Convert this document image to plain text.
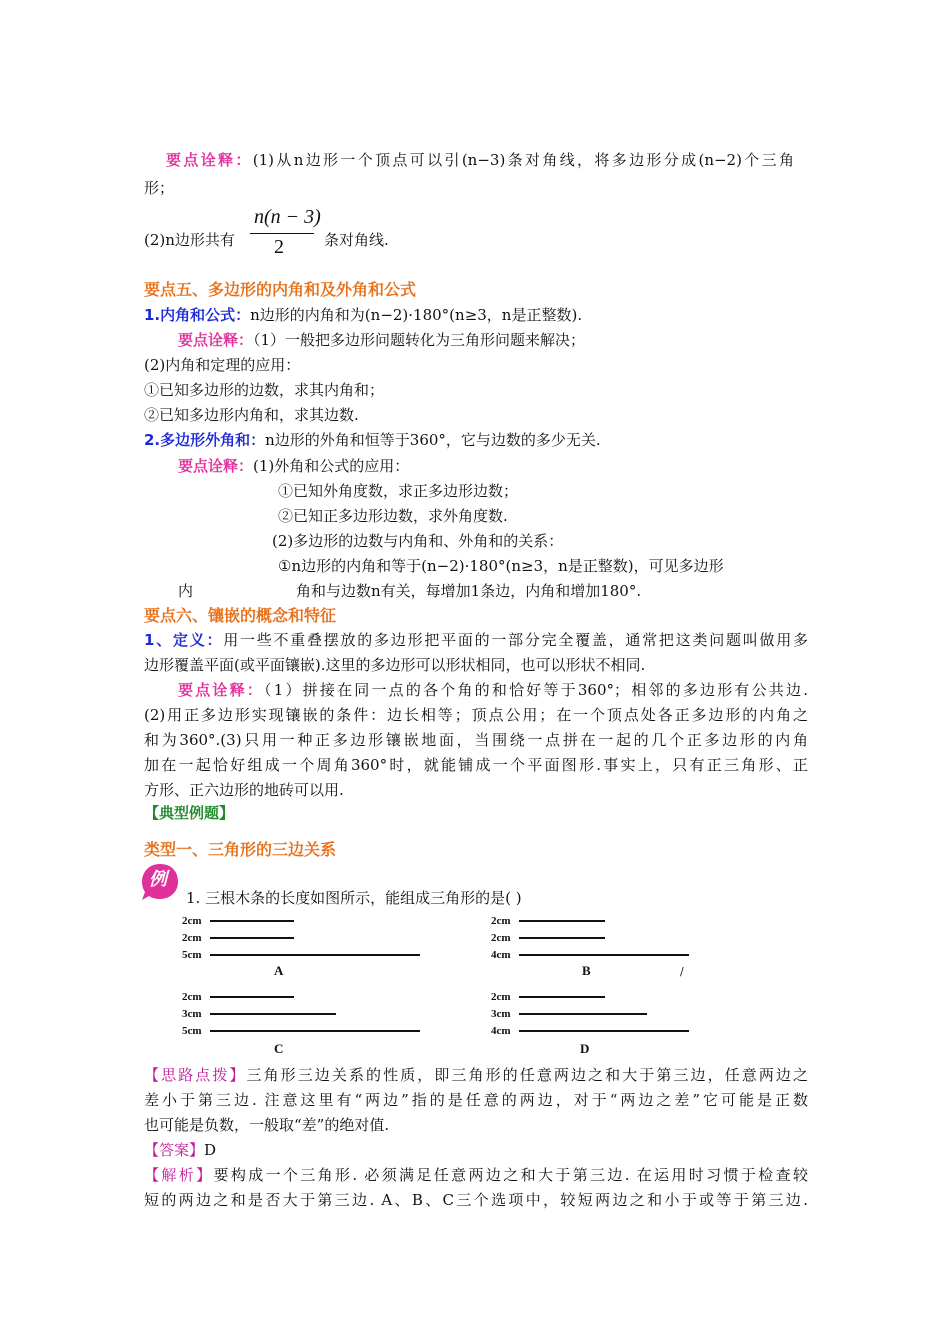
要点诠释：(1)从n边形一个顶点可以引(n−3)条对角线，将多边形分成(n−2)个三角
形；
(2)n边形共有
n(n − 3)
2	条对角线.
要点五、多边形的内角和及外角和公式
1.内角和公式：n边形的内角和为(n−2)·180°(n≥3，n是正整数).
要点诠释：（1）一般把多边形问题转化为三角形问题来解决；
(2)内角和定理的应用：
①已知多边形的边数，求其内角和；
②已知多边形内角和，求其边数.
2.多边形外角和：n边形的外角和恒等于360°，它与边数的多少无关.
要点诠释：(1)外角和公式的应用：
①已知外角度数，求正多边形边数；
②已知正多边形边数，求外角度数.
(2)多边形的边数与内角和、外角和的关系：
①n边形的内角和等于(n−2)·180°(n≥3，n是正整数)，可见多边形
内	角和与边数n有关，每增加1条边，内角和增加180°.
要点六、镶嵌的概念和特征
1、定义：用一些不重叠摆放的多边形把平面的一部分完全覆盖，通常把这类问题叫做用多
边形覆盖平面(或平面镶嵌).这里的多边形可以形状相同，也可以形状不相同.
要点诠释：（1）拼接在同一点的各个角的和恰好等于360°；相邻的多边形有公共边.
(2)用正多边形实现镶嵌的条件：边长相等；顶点公用；在一个顶点处各正多边形的内角之
和为360°.(3)只用一种正多边形镶嵌地面，当围绕一点拼在一起的几个正多边形的内角
加在一起恰好组成一个周角360°时，就能铺成一个平面图形.事实上，只有正三角形、正
方形、正六边形的地砖可以用.
【典型例题】
类型一、三角形的三边关系
例
1. 三根木条的长度如图所示，能组成三角形的是( )
2cm
2cm
5cm
A
2cm
2cm
4cm
B	/
2cm
3cm
5cm
C
2cm
3cm
4cm
D
【思路点拨】三角形三边关系的性质，即三角形的任意两边之和大于第三边，任意两边之
差小于第三边. 注意这里有“两边”指的是任意的两边，对于“两边之差”它可能是正数
也可能是负数，一般取“差”的绝对值.
【答案】D
【解析】要构成一个三角形. 必须满足任意两边之和大于第三边. 在运用时习惯于检查较
短的两边之和是否大于第三边. A、B、C三个选项中，较短两边之和小于或等于第三边.
